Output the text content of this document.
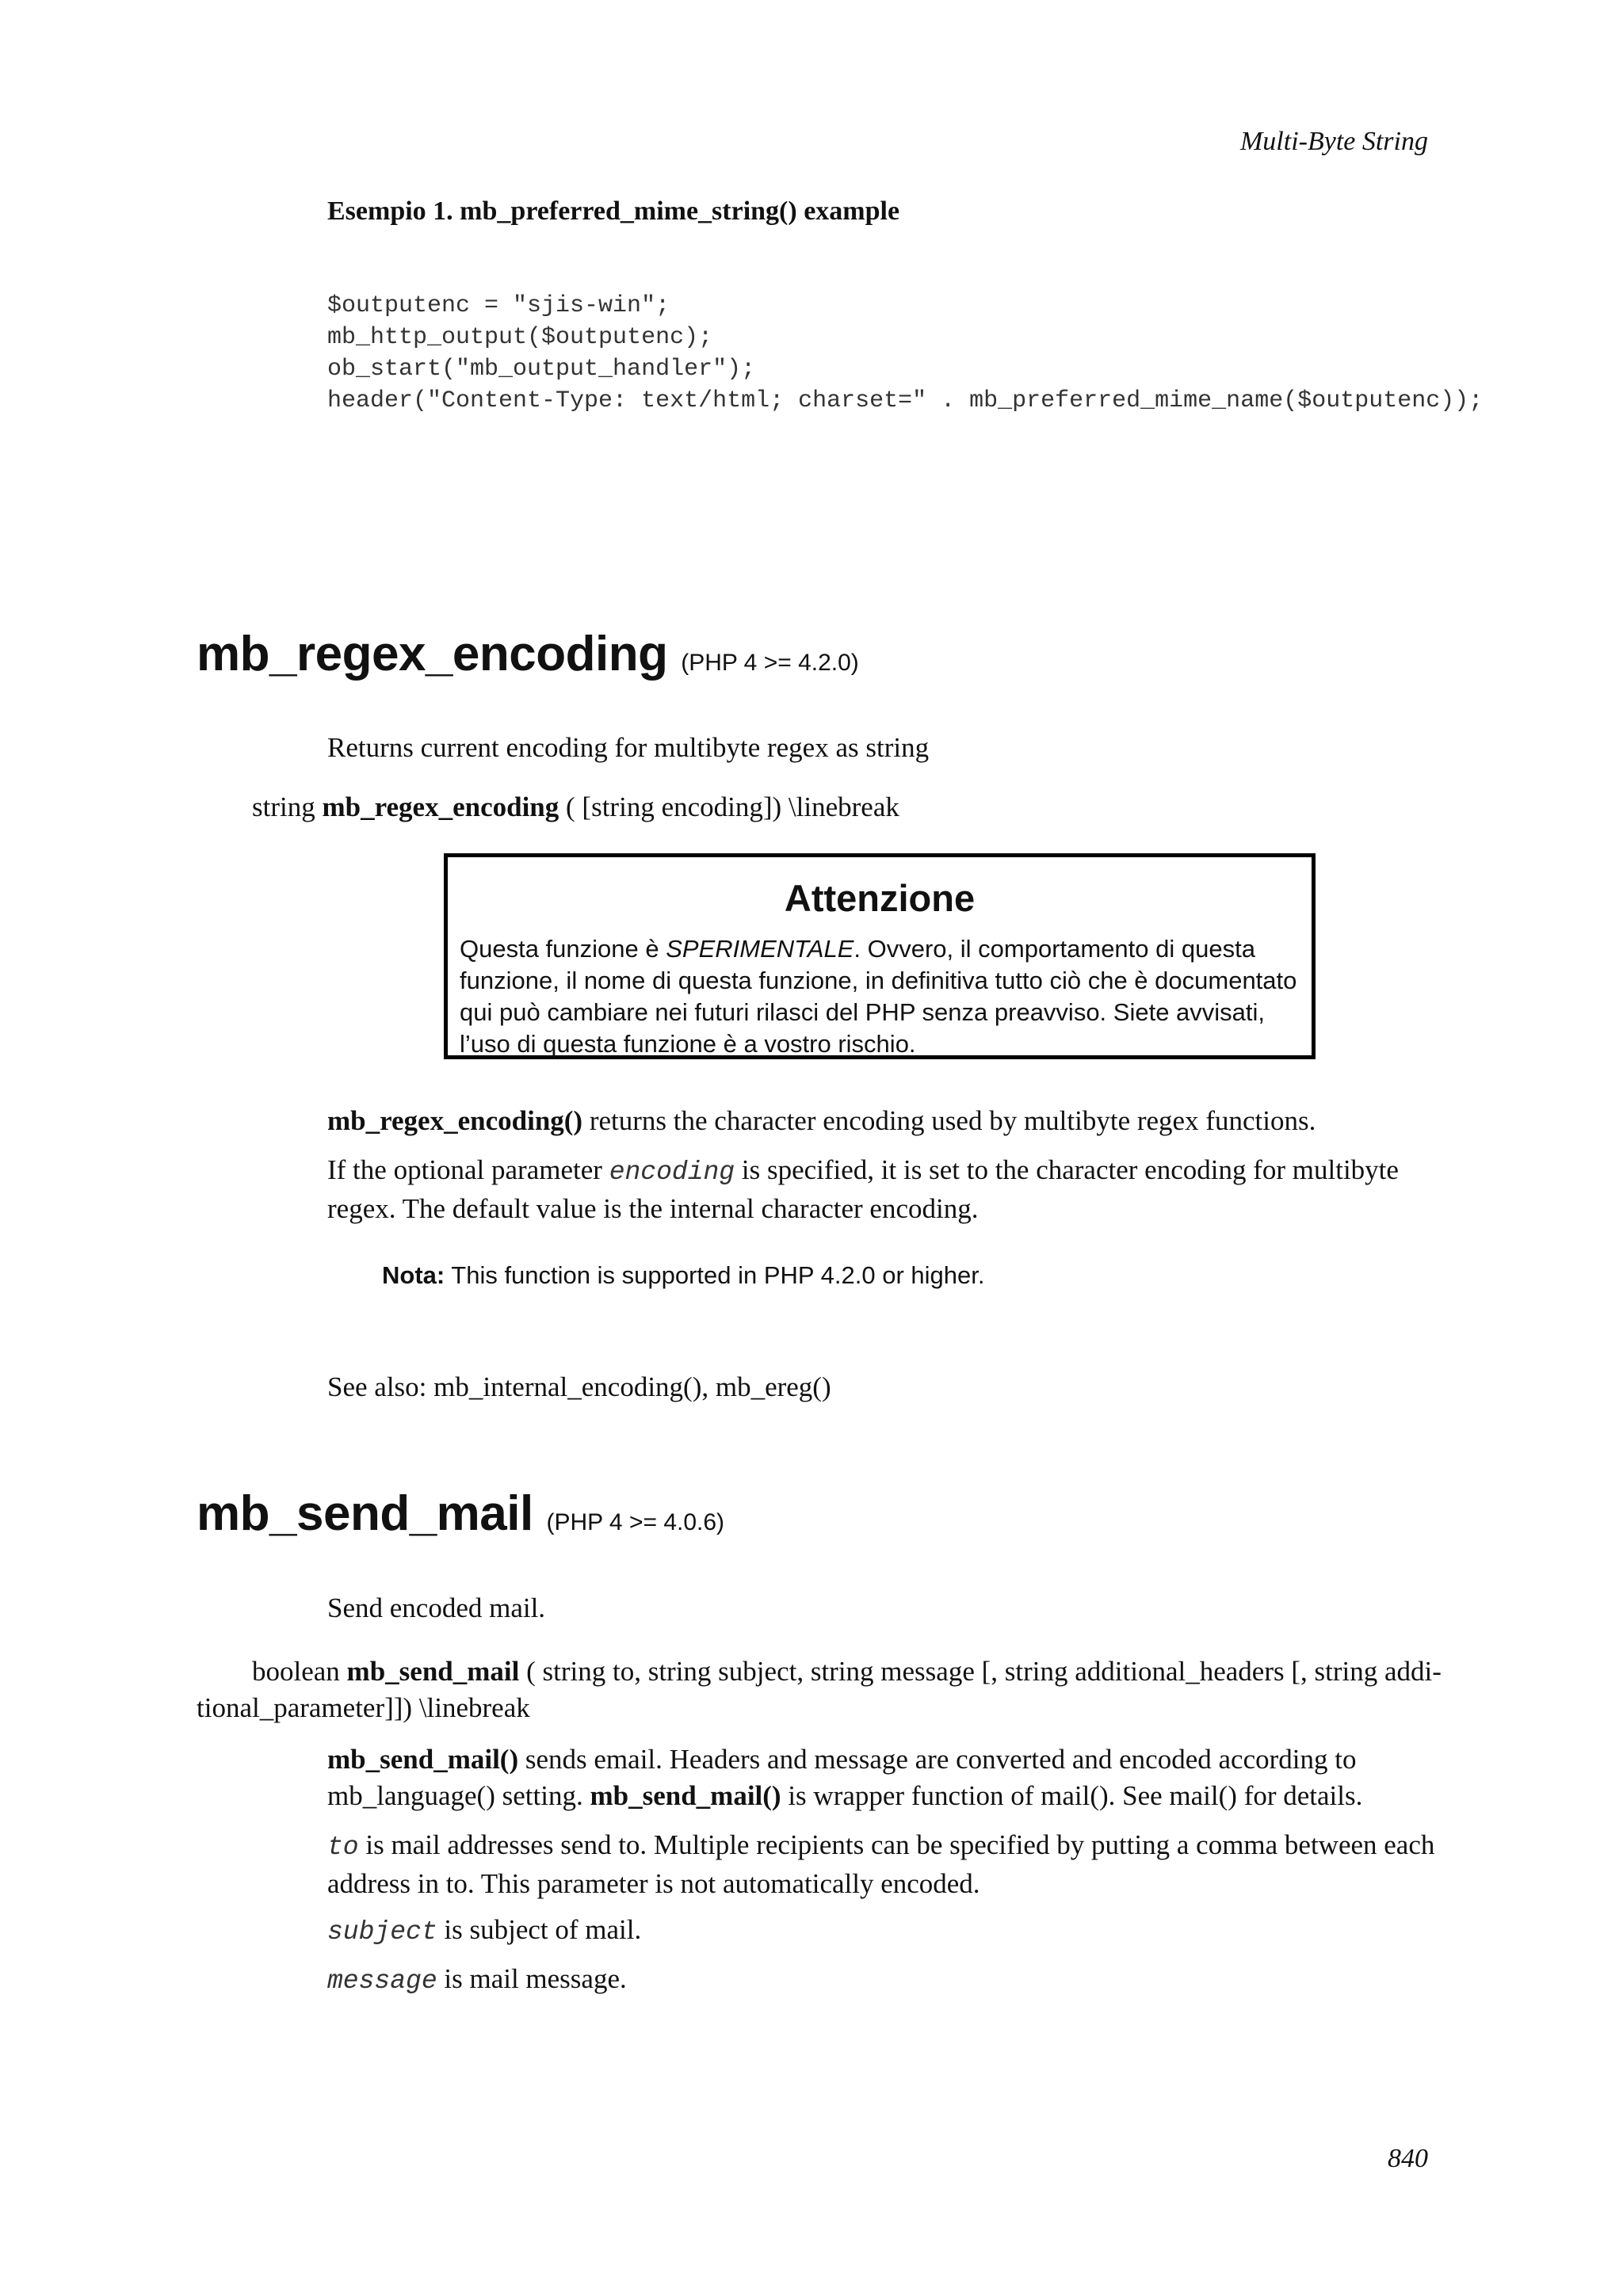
Multi-Byte String
Esempio 1. mb_preferred_mime_string() example
$outputenc = "sjis-win";
mb_http_output($outputenc);
ob_start("mb_output_handler");
header("Content-Type: text/html; charset=" . mb_preferred_mime_name($outputenc));
mb_regex_encoding (PHP 4 >= 4.2.0)
Returns current encoding for multibyte regex as string
string mb_regex_encoding ( [string encoding]) \linebreak
Attenzione
Questa funzione è SPERIMENTALE. Ovvero, il comportamento di questa funzione, il nome di questa funzione, in definitiva tutto ciò che è documentato qui può cambiare nei futuri rilasci del PHP senza preavviso. Siete avvisati, l’uso di questa funzione è a vostro rischio.
mb_regex_encoding() returns the character encoding used by multibyte regex functions.
If the optional parameter encoding is specified, it is set to the character encoding for multibyte regex. The default value is the internal character encoding.
Nota: This function is supported in PHP 4.2.0 or higher.
See also: mb_internal_encoding(), mb_ereg()
mb_send_mail (PHP 4 >= 4.0.6)
Send encoded mail.
boolean mb_send_mail ( string to, string subject, string message [, string additional_headers [, string addi-
tional_parameter]]) \linebreak
mb_send_mail() sends email. Headers and message are converted and encoded according to mb_language() setting. mb_send_mail() is wrapper function of mail(). See mail() for details.
to is mail addresses send to. Multiple recipients can be specified by putting a comma between each address in to. This parameter is not automatically encoded.
subject is subject of mail.
message is mail message.
840
